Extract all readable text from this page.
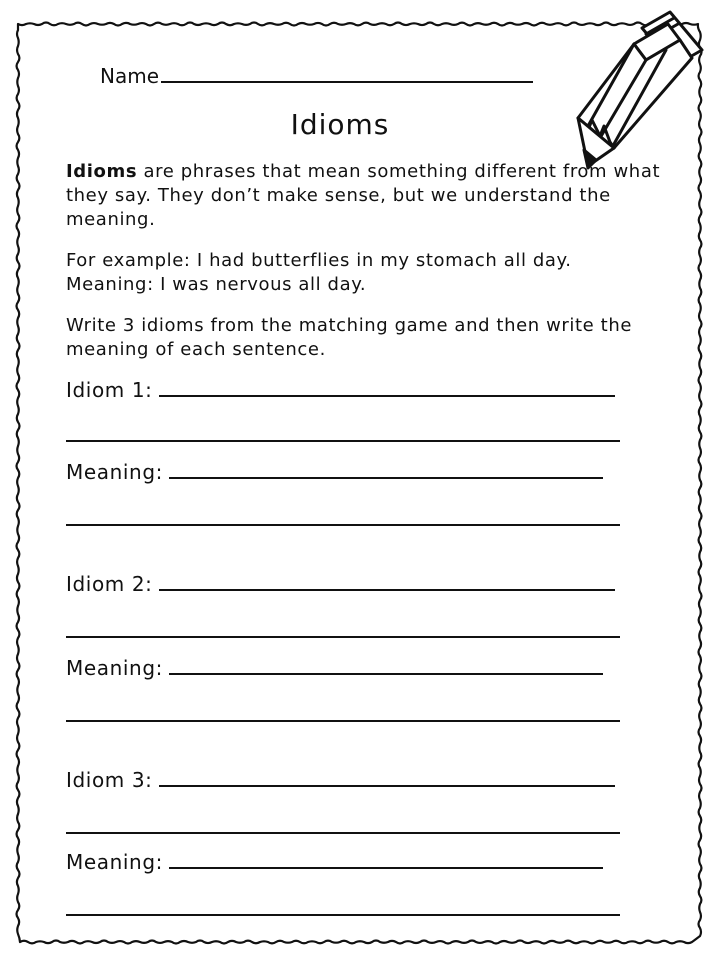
Name
Idioms
Idioms are phrases that mean something different from what they say. They don’t make sense, but we understand the meaning.
For example: I had butterflies in my stomach all day.
Meaning: I was nervous all day.
Write 3 idioms from the matching game and then write the meaning of each sentence.
Idiom 1:
Meaning:
Idiom 2:
Meaning:
Idiom 3:
Meaning:
